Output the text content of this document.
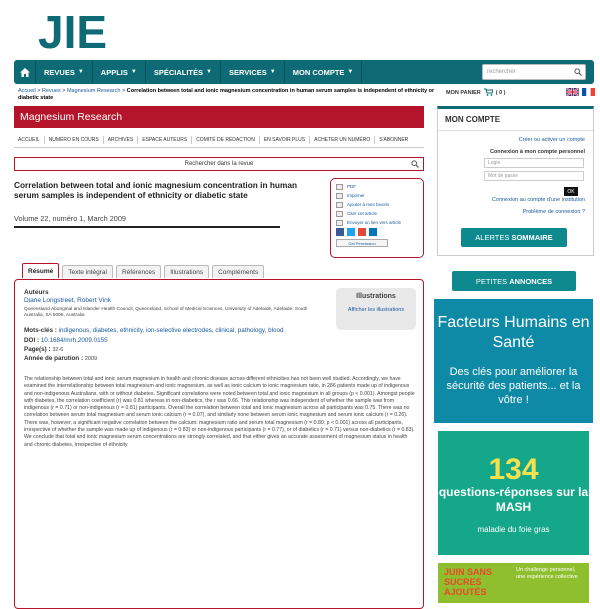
JIE
REVUES ▼ APPLIS ▼ SPÉCIALITÉS ▼ SERVICES ▼ MON COMPTE ▼	rechercher
Accueil > Revues > Magnesium Research > Correlation between total and ionic magnesium concentration in human serum samples is independent of ethnicity or diabetic state
MON PANIER	( 0 )
Magnesium Research
ACCUEIL	NUMÉRO EN COURS	ARCHIVES	ESPACE AUTEURS	COMITÉ DE RÉDACTION	EN SAVOIR PLUS	ACHETER UN NUMÉRO	S'ABONNER
Rechercher dans la revue
Correlation between total and ionic magnesium concentration in human serum samples is independent of ethnicity or diabetic state
Volume 22, numéro 1, March 2009
PDF
Imprimer
Ajouter à mes favoris
Citer cet article
Envoyer un lien vers article
Get Permission
Résumé	Texte intégral	Références	Illustrations	Compléments
Auteurs
Diane Longstreet, Robert Vink
Queensland Aboriginal and Islander Health Council, Queensland, School of Medical Sciences, University of Adelaide, Adelaide, South Australia, SA 5005, Australia
Illustrations
Afficher les illustrations
Mots-clés : indigenous, diabetes, ethnicity, ion-selective electrodes, clinical, pathology, blood
DOI : 10.1684/mrh.2009.0155
Page(s) : 32-6
Année de parution : 2009
The relationship between total and ionic serum magnesium in health and chronic disease across different ethnicities has not been well studied. Accordingly, we have examined the interrelationship between total magnesium and ionic magnesium, as well as ionic calcium to ionic magnesium ratio, in 286 patients made up of indigenous and non-indigenous Australians, with or without diabetes. Significant correlations were noted between total and ionic magnesium in all groups (p < 0.001). Amongst people with diabetes, the correlation coefficient (r) was 0.81 whereas in non-diabetics, the r was 0.66. This relationship was independent of whether the sample was from indigenous (r = 0.71) or non-indigenous (r = 0.81) participants. Overall the correlation between total and ionic magnesium across all participants was 0.75. There was no correlation between serum total magnesium and serum ionic calcium (r = 0.07), and similarly none between serum ionic magnesium and serum ionic calcium (r = 0.26). There was, however, a significant negative correlation between the calcium: magnesium ratio and serum total magnesium (r = 0.80; p < 0.001) across all participants, irrespective of whether the sample was made up of indigenous (r = 0.83) or non-indigenous participants (r = 0.77), or of diabetics (r = 0.71) versus non-diabetics (r = 0.83). We conclude that total and ionic magnesium serum concentrations are strongly correlated, and that either gives an accurate assessment of magnesium status in health and chronic diabetes, irrespective of ethnicity.
MON COMPTE
Créer ou activer un compte
Connexion à mon compte personnel
Login
Mot de passe
OK
Connexion au compte d'une institution
Problème de connexion ?
ALERTES
SOMMAIRE
PETITES
ANNONCES
Facteurs Humains en Santé
Des clés pour améliorer la sécurité des patients... et la vôtre !
134
questions-réponses sur la MASH
maladie du foie gras
JUIN SANS SUCRES AJOUTÉS
Un challenge personnel, une expérience collective
